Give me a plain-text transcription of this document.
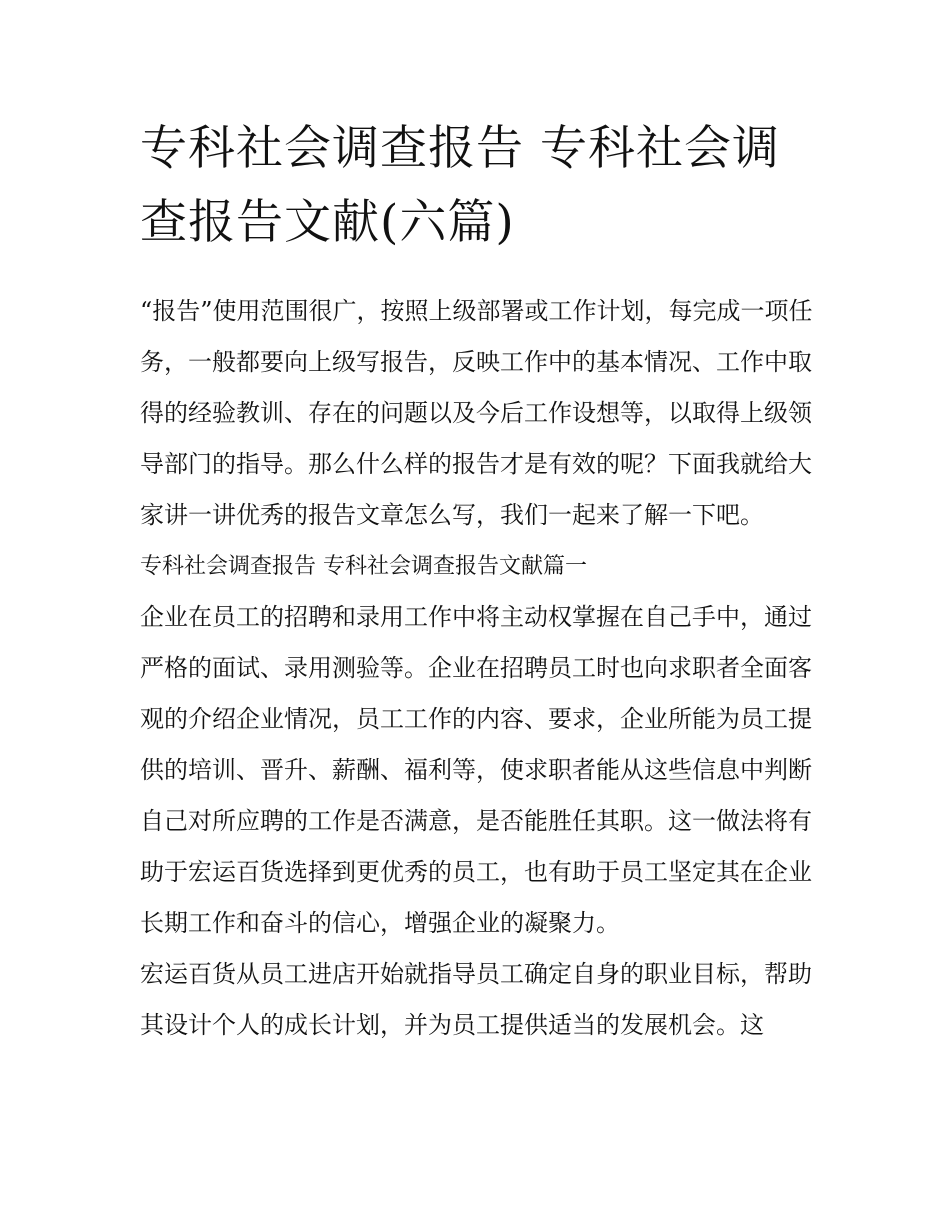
专科社会调查报告 专科社会调查报告文献(六篇)

“报告”使用范围很广，按照上级部署或工作计划，每完成一项任务，一般都要向上级写报告，反映工作中的基本情况、工作中取得的经验教训、存在的问题以及今后工作设想等，以取得上级领导部门的指导。那么什么样的报告才是有效的呢？下面我就给大家讲一讲优秀的报告文章怎么写，我们一起来了解一下吧。

专科社会调查报告 专科社会调查报告文献篇一

企业在员工的招聘和录用工作中将主动权掌握在自己手中，通过严格的面试、录用测验等。企业在招聘员工时也向求职者全面客观的介绍企业情况，员工工作的内容、要求，企业所能为员工提供的培训、晋升、薪酬、福利等，使求职者能从这些信息中判断自己对所应聘的工作是否满意，是否能胜任其职。这一做法将有助于宏运百货选择到更优秀的员工，也有助于员工坚定其在企业长期工作和奋斗的信心，增强企业的凝聚力。

宏运百货从员工进店开始就指导员工确定自身的职业目标，帮助其设计个人的成长计划，并为员工提供适当的发展机会。这
